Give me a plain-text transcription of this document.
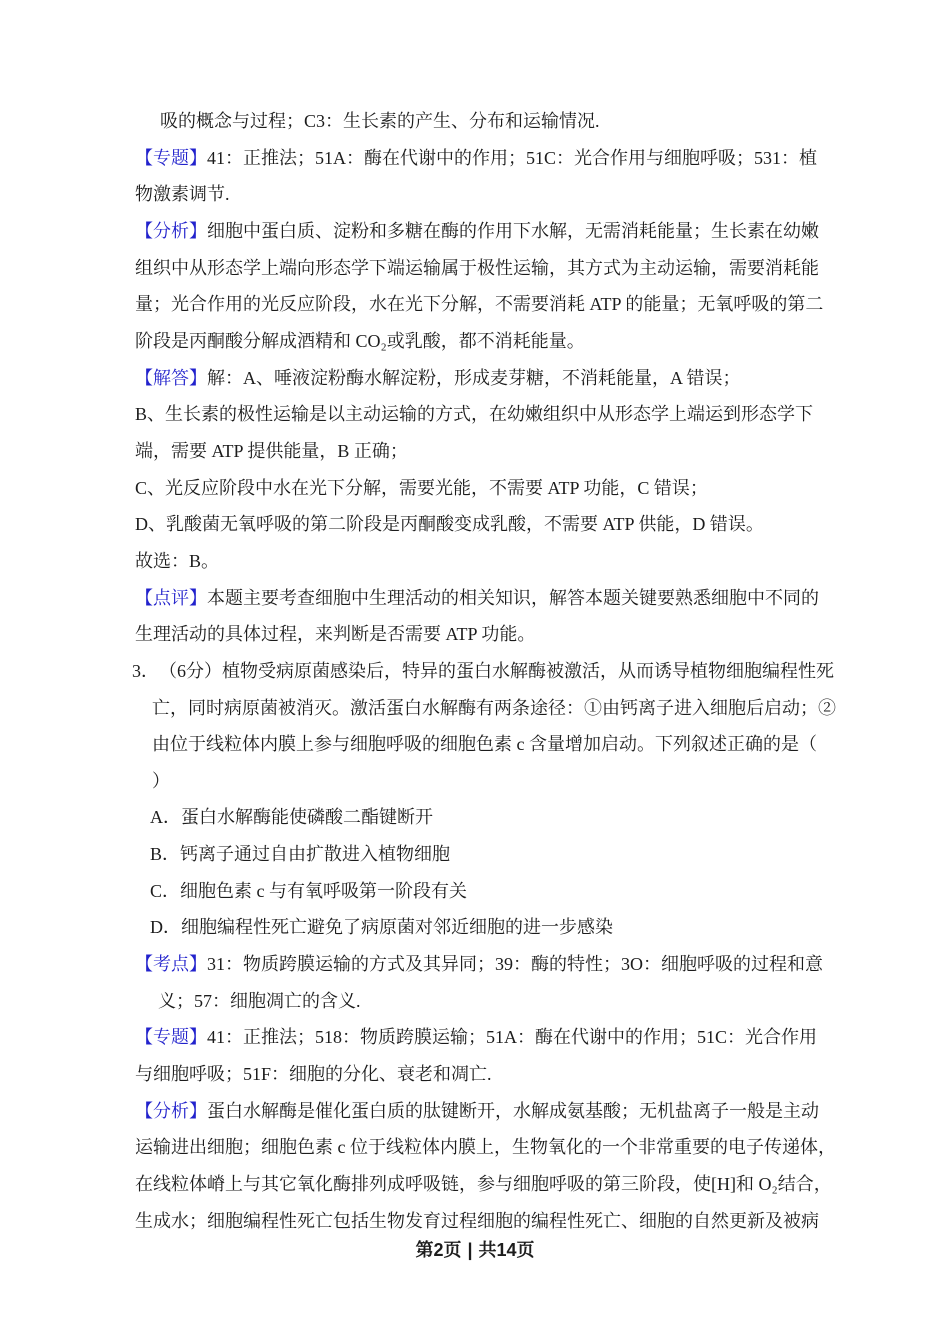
吸的概念与过程；C3：生长素的产生、分布和运输情况.
【专题】41：正推法；51A：酶在代谢中的作用；51C：光合作用与细胞呼吸；531：植
物激素调节.
【分析】细胞中蛋白质、淀粉和多糖在酶的作用下水解，无需消耗能量；生长素在幼嫩
组织中从形态学上端向形态学下端运输属于极性运输，其方式为主动运输，需要消耗能
量；光合作用的光反应阶段，水在光下分解，不需要消耗 ATP 的能量；无氧呼吸的第二
阶段是丙酮酸分解成酒精和 CO₂或乳酸，都不消耗能量。
【解答】解：A、唾液淀粉酶水解淀粉，形成麦芽糖，不消耗能量，A 错误；
B、生长素的极性运输是以主动运输的方式，在幼嫩组织中从形态学上端运到形态学下
端，需要 ATP 提供能量，B 正确；
C、光反应阶段中水在光下分解，需要光能，不需要 ATP 功能，C 错误；
D、乳酸菌无氧呼吸的第二阶段是丙酮酸变成乳酸，不需要 ATP 供能，D 错误。
故选：B。
【点评】本题主要考查细胞中生理活动的相关知识，解答本题关键要熟悉细胞中不同的
生理活动的具体过程，来判断是否需要 ATP 功能。
3．（6分）植物受病原菌感染后，特异的蛋白水解酶被激活，从而诱导植物细胞编程性死
亡，同时病原菌被消灭。激活蛋白水解酶有两条途径：①由钙离子进入细胞后启动；②
由位于线粒体内膜上参与细胞呼吸的细胞色素 c 含量增加启动。下列叙述正确的是（
）
A．蛋白水解酶能使磷酸二酯键断开
B．钙离子通过自由扩散进入植物细胞
C．细胞色素 c 与有氧呼吸第一阶段有关
D．细胞编程性死亡避免了病原菌对邻近细胞的进一步感染
【考点】31：物质跨膜运输的方式及其异同；39：酶的特性；3O：细胞呼吸的过程和意
义；57：细胞凋亡的含义.
【专题】41：正推法；518：物质跨膜运输；51A：酶在代谢中的作用；51C：光合作用
与细胞呼吸；51F：细胞的分化、衰老和凋亡.
【分析】蛋白水解酶是催化蛋白质的肽键断开，水解成氨基酸；无机盐离子一般是主动
运输进出细胞；细胞色素 c 位于线粒体内膜上，生物氧化的一个非常重要的电子传递体，
在线粒体嵴上与其它氧化酶排列成呼吸链，参与细胞呼吸的第三阶段，使[H]和 O₂结合，
生成水；细胞编程性死亡包括生物发育过程细胞的编程性死亡、细胞的自然更新及被病
第2页 | 共14页
